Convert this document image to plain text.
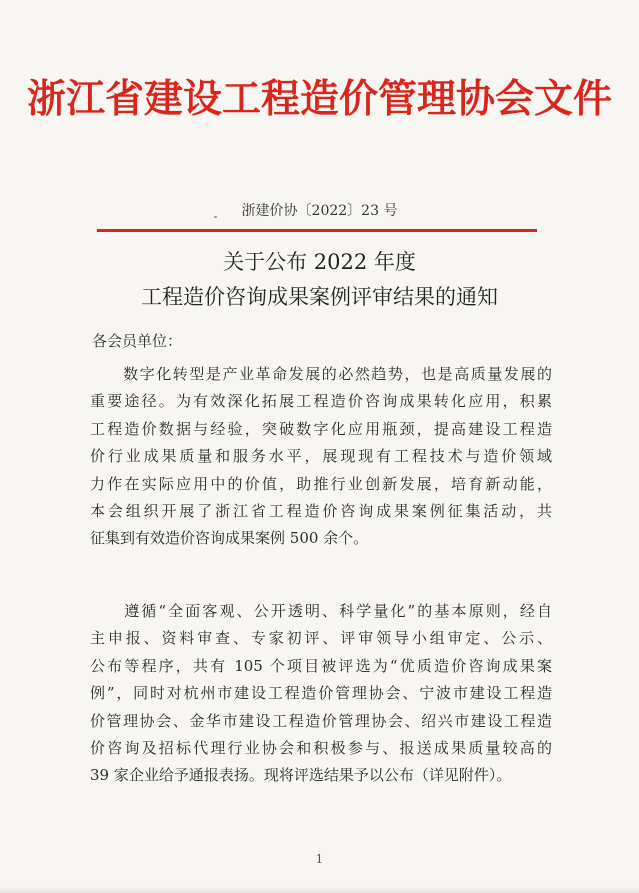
浙江省建设工程造价管理协会文件
浙建价协〔2022〕23 号
关于公布 2022 年度
工程造价咨询成果案例评审结果的通知
各会员单位：
　　数字化转型是产业革命发展的必然趋势，也是高质量发展的
重要途径。为有效深化拓展工程造价咨询成果转化应用，积累
工程造价数据与经验，突破数字化应用瓶颈，提高建设工程造
价行业成果质量和服务水平，展现现有工程技术与造价领域
力作在实际应用中的价值，助推行业创新发展，培育新动能，
本会组织开展了浙江省工程造价咨询成果案例征集活动，共
征集到有效造价咨询成果案例 500 余个。
　　遵循“全面客观、公开透明、科学量化”的基本原则，经自
主申报、资料审查、专家初评、评审领导小组审定、公示、
公布等程序，共有 105 个项目被评选为“优质造价咨询成果案
例”，同时对杭州市建设工程造价管理协会、宁波市建设工程造
价管理协会、金华市建设工程造价管理协会、绍兴市建设工程造
价咨询及招标代理行业协会和积极参与、报送成果质量较高的
39 家企业给予通报表扬。现将评选结果予以公布（详见附件）。
1
